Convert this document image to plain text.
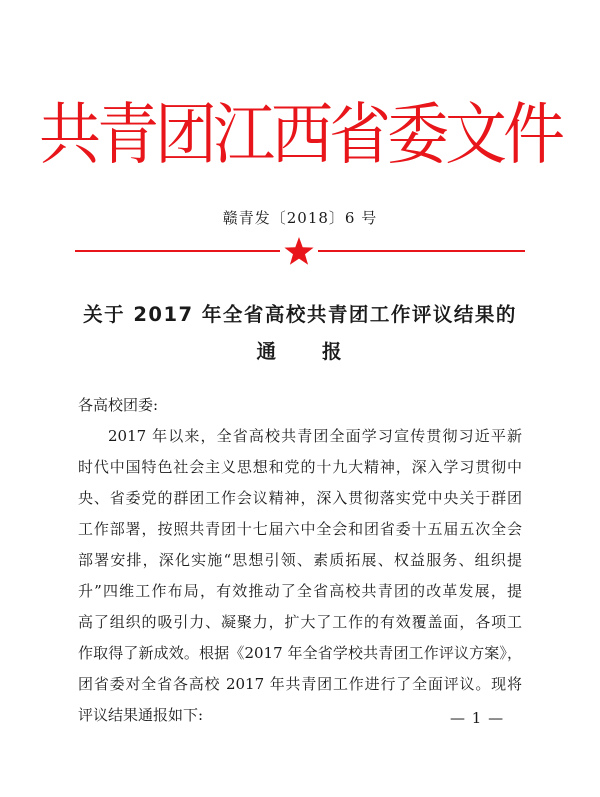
共青团江西省委文件
赣青发〔2018〕6 号
关于 2017 年全省高校共青团工作评议结果的
通 报
各高校团委:
2017 年以来，全省高校共青团全面学习宣传贯彻习近平新
时代中国特色社会主义思想和党的十九大精神，深入学习贯彻中
央、省委党的群团工作会议精神，深入贯彻落实党中央关于群团
工作部署，按照共青团十七届六中全会和团省委十五届五次全会
部署安排，深化实施“思想引领、素质拓展、权益服务、组织提
升”四维工作布局，有效推动了全省高校共青团的改革发展，提
高了组织的吸引力、凝聚力，扩大了工作的有效覆盖面，各项工
作取得了新成效。根据《2017 年全省学校共青团工作评议方案》，
团省委对全省各高校 2017 年共青团工作进行了全面评议。现将
评议结果通报如下:	— 1 —
